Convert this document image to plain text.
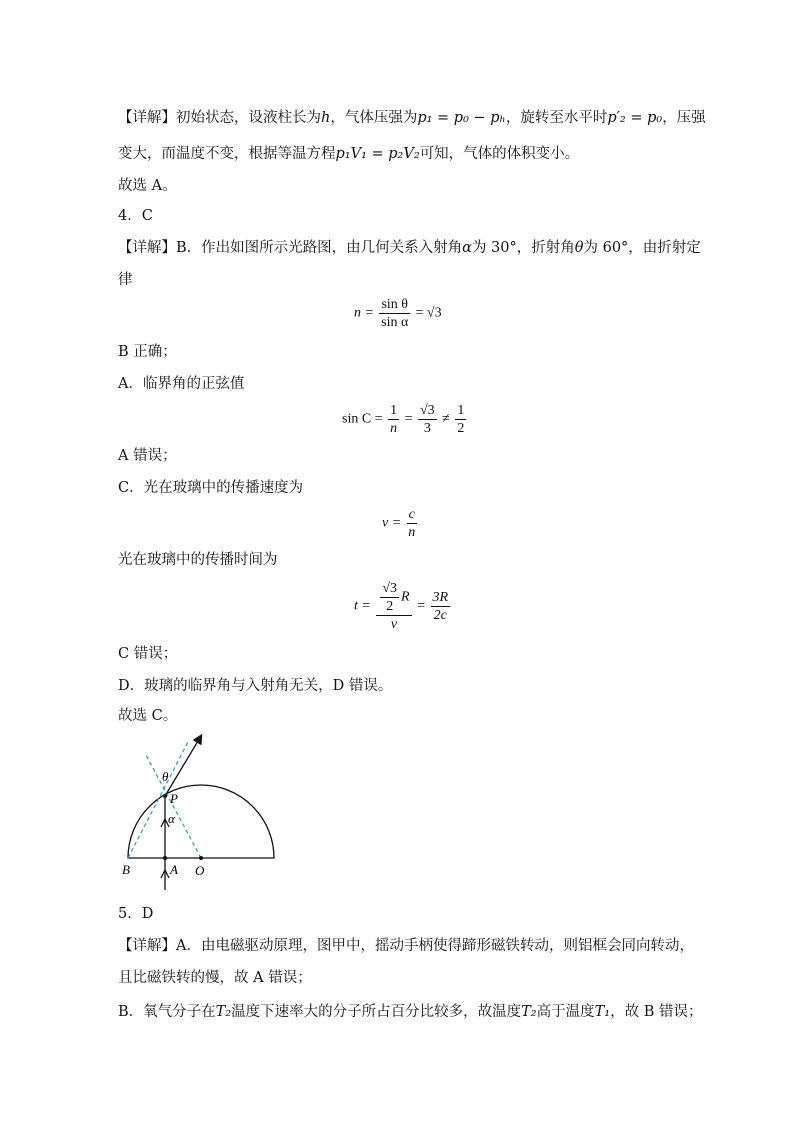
【详解】初始状态，设液柱长为h，气体压强为p₁ = p₀ − pₕ，旋转至水平时p′₂ = p₀，压强
变大，而温度不变，根据等温方程p₁V₁ = p₂V₂可知，气体的体积变小。
故选 A。
4．C
【详解】B．作出如图所示光路图，由几何关系入射角α为 30°，折射角θ为 60°，由折射定
律
$n = \frac{\text{sin θ}}{\text{sin α}} = √3$
B 正确；
A．临界角的正弦值
$\sin C = \frac{1}{n} = \frac{√3}{3} \ne \frac{1}{2}$
A 错误；
C．光在玻璃中的传播速度为
$v = \frac{c}{n}$
光在玻璃中的传播时间为
$t = \frac{\frac{√3}{2} R}{v} = \frac{3R}{2c}$
C 错误；
D．玻璃的临界角与入射角无关，D 错误。
故选 C。
θ
P
α
B	A O
5．D
【详解】A．由电磁驱动原理，图甲中，摇动手柄使得蹄形磁铁转动，则铝框会同向转动，
且比磁铁转的慢，故 A 错误；
B．氧气分子在T₂温度下速率大的分子所占百分比较多，故温度T₂高于温度T₁，故 B 错误；
